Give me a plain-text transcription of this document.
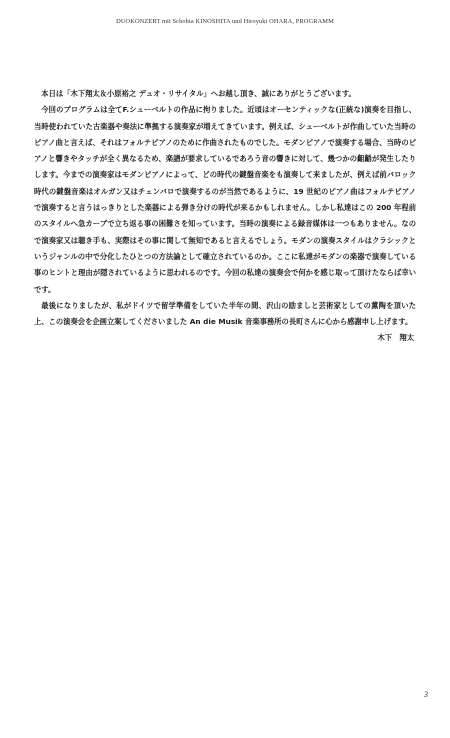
DUOKONZERT mit Schohta KINOSHITA und Hiroyuki OHARA, PROGRAMM

本日は「木下翔太＆小原裕之 デュオ・リサイタル」へお越し頂き、誠にありがとうございます。

今回のプログラムは全てF.シューベルトの作品に拘りました。近頃はオーセンティックな(正統な)演奏を目指し、当時使われていた古楽器や奏法に準拠する演奏家が増えてきています。例えば、シューベルトが作曲していた当時のピアノ曲と言えば、それはフォルテピアノのために作曲されたものでした。モダンピアノで演奏する場合、当時のピアノと響きやタッチが全く異なるため、楽譜が要求しているであろう音の響きに対して、幾つかの齟齬が発生したりします。今までの演奏家はモダンピアノによって、どの時代の鍵盤音楽をも演奏して来ましたが、例えば前バロック時代の鍵盤音楽はオルガン又はチェンバロで演奏するのが当然であるように、19 世紀のピアノ曲はフォルテピアノで演奏すると言うはっきりとした楽器による弾き分けの時代が来るかもしれません。しかし私達はこの 200 年程前のスタイルへ急カーブで立ち返る事の困難さを知っています。当時の演奏による録音媒体は一つもありません。なので演奏家又は聴き手も、実際はその事に関して無知であると言えるでしょう。モダンの演奏スタイルはクラシックというジャンルの中で分化したひとつの方法論として確立されているのか。ここに私達がモダンの楽器で演奏している事のヒントと理由が隠されているように思われるのです。今回の私達の演奏会で何かを感じ取って頂けたならば幸いです。

最後になりましたが、私がドイツで留学準備をしていた半年の間、沢山の励ましと芸術家としての薫陶を頂いた上、この演奏会を企画立案してくださいました An die Musik 音楽事務所の長町さんに心から感謝申し上げます。

木下　翔太
3
